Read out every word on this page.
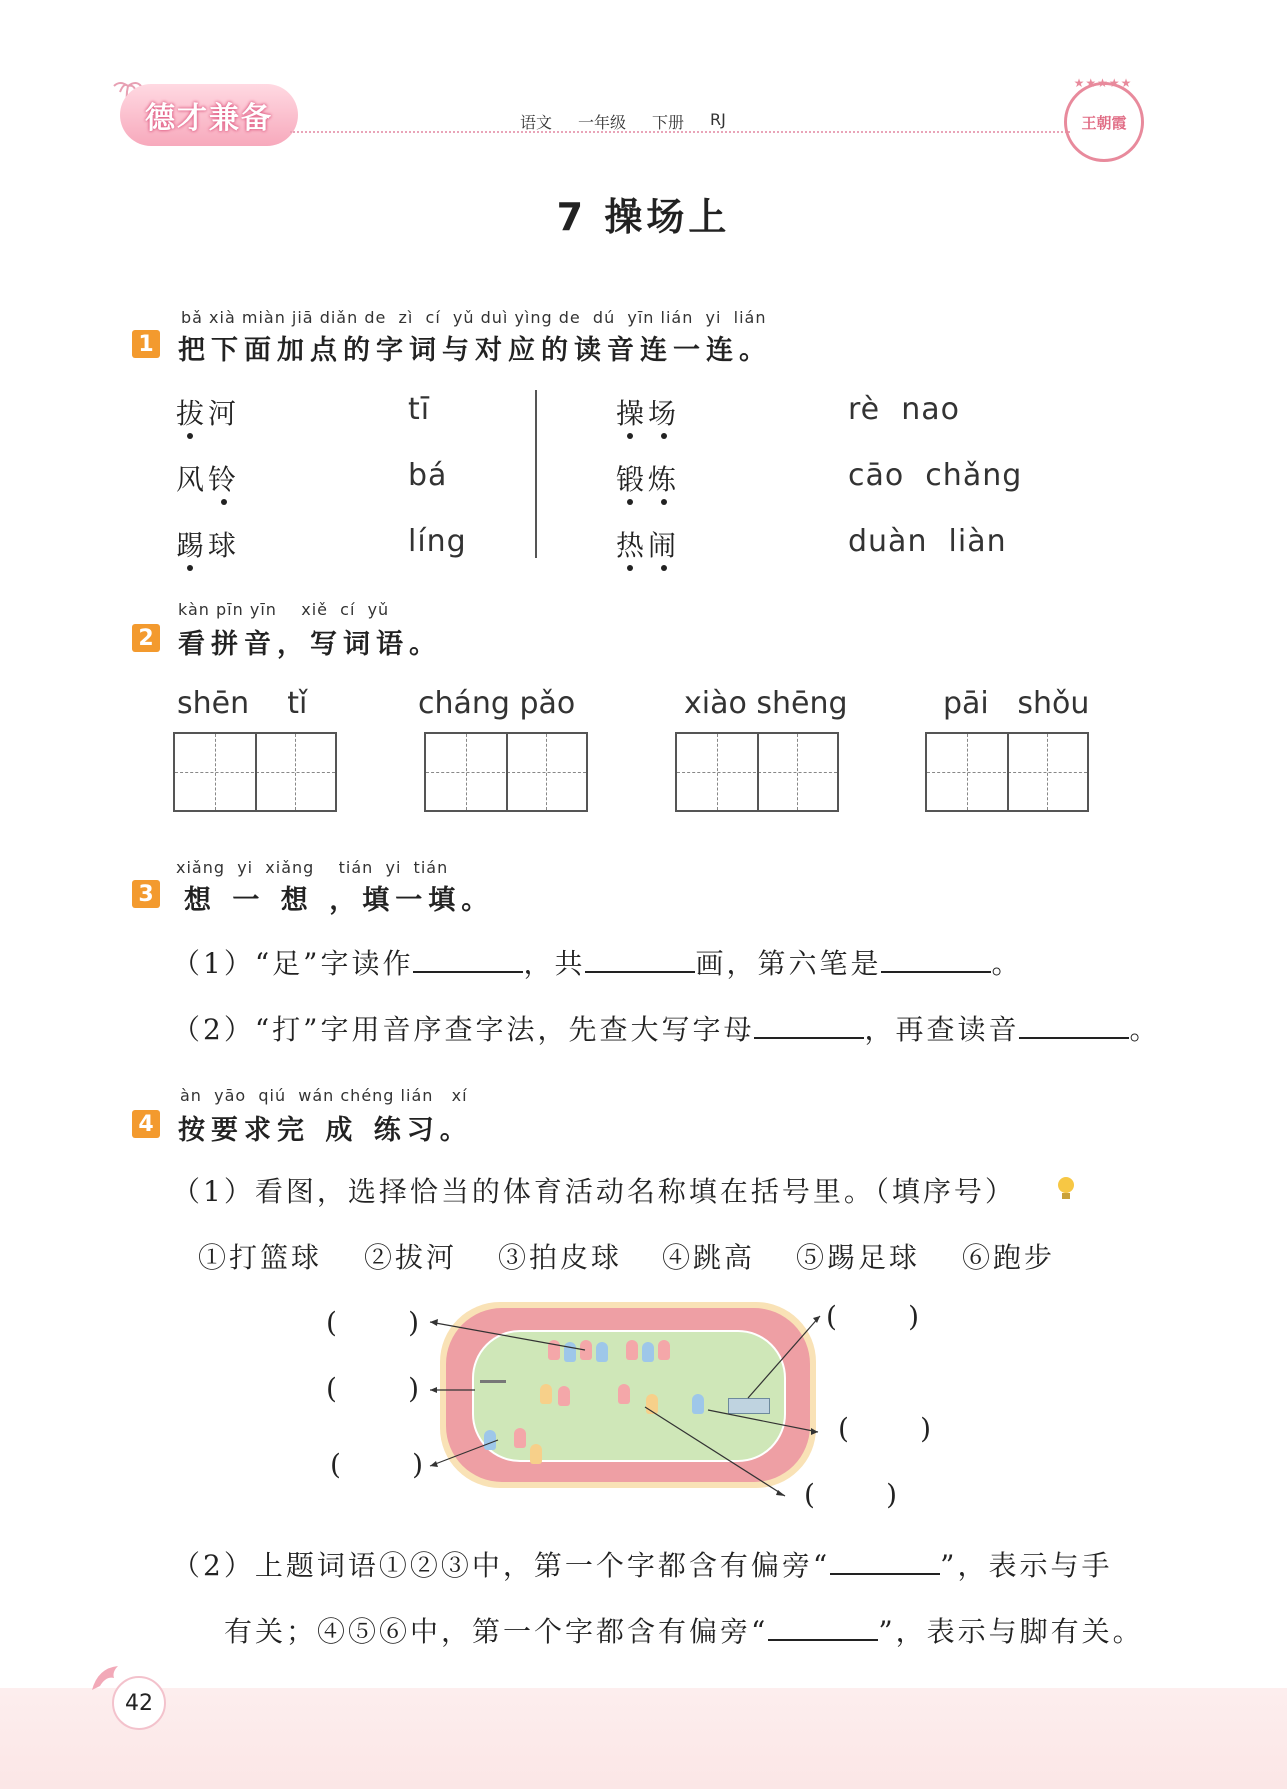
德才兼备	语文 一年级 下册 RJ
★★★★★
王朝霞
7 操场上
bǎ xià miàn jiā diǎn de  zì  cí  yǔ duì yìng de  dú  yīn lián  yi  lián
1 把下面加点的字词与对应的读音连一连。
拔河
风铃
踢球
tī
bá
líng
操场
锻炼
热闹
rè  nao
cāo  chǎng
duàn  liàn
kàn pīn yīn    xiě  cí  yǔ
2 看拼音，写词语。
shēn    tǐ	cháng pǎo	xiào shēng	pāi   shǒu
xiǎng  yi  xiǎng    tián  yi  tián
3 想 一 想 ，填一填。
（1）“足”字读作	，共	画，第六笔是	。
（2）“打”字用音序查字法，先查大写字母	，再查读音	。
àn  yāo  qiú  wán chéng lián   xí
4 按要求完 成 练习。
（1）看图，选择恰当的体育活动名称填在括号里。（填序号）
①打篮球 ②拔河 ③拍皮球 ④跳高 ⑤踢足球 ⑥跑步
(        )
(        )
(        )
(        )
(        )
(        )
（2）上题词语①②③中，第一个字都含有偏旁“	”，表示与手
有关；④⑤⑥中，第一个字都含有偏旁“	”，表示与脚有关。
42
